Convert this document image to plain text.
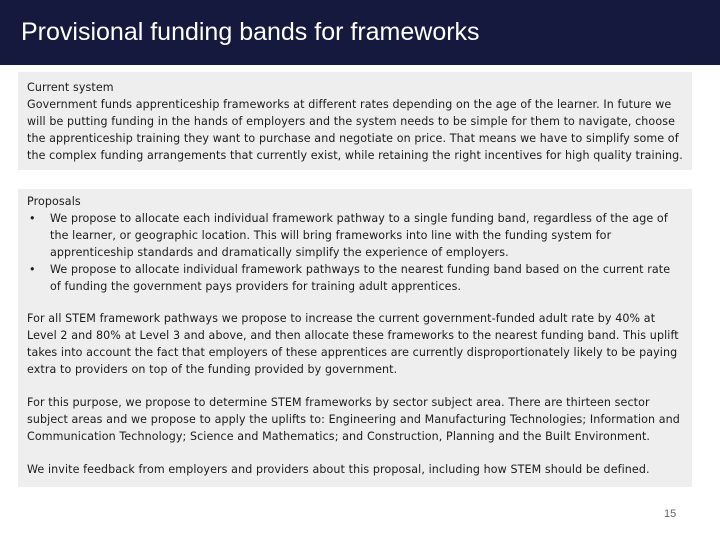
Provisional funding bands for frameworks

Current system

Government funds apprenticeship frameworks at different rates depending on the age of the learner. In future we will be putting funding in the hands of employers and the system needs to be simple for them to navigate, choose the apprenticeship training they want to purchase and negotiate on price. That means we have to simplify some of the complex funding arrangements that currently exist, while retaining the right incentives for high quality training.

Proposals

• We propose to allocate each individual framework pathway to a single funding band, regardless of the age of the learner, or geographic location. This will bring frameworks into line with the funding system for apprenticeship standards and dramatically simplify the experience of employers.
• We propose to allocate individual framework pathways to the nearest funding band based on the current rate of funding the government pays providers for training adult apprentices.

For all STEM framework pathways we propose to increase the current government-funded adult rate by 40% at Level 2 and 80% at Level 3 and above, and then allocate these frameworks to the nearest funding band. This uplift takes into account the fact that employers of these apprentices are currently disproportionately likely to be paying extra to providers on top of the funding provided by government.

For this purpose, we propose to determine STEM frameworks by sector subject area. There are thirteen sector subject areas and we propose to apply the uplifts to: Engineering and Manufacturing Technologies; Information and Communication Technology; Science and Mathematics; and Construction, Planning and the Built Environment.

We invite feedback from employers and providers about this proposal, including how STEM should be defined.

15
